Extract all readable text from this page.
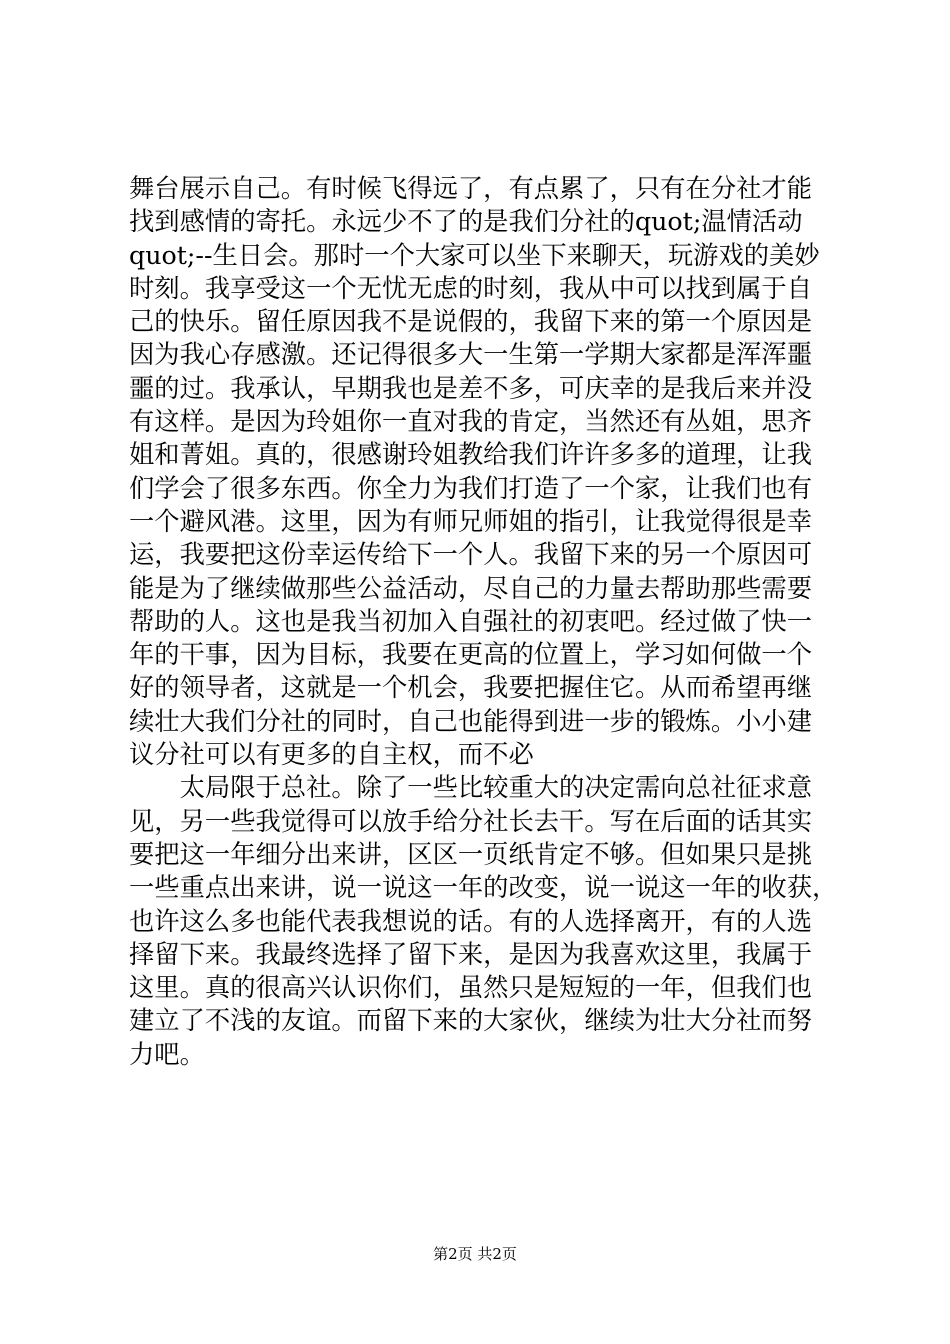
舞台展示自己。有时候飞得远了，有点累了，只有在分社才能
找到感情的寄托。永远少不了的是我们分社的quot;温情活动
quot;--生日会。那时一个大家可以坐下来聊天，玩游戏的美妙
时刻。我享受这一个无忧无虑的时刻，我从中可以找到属于自
己的快乐。留任原因我不是说假的，我留下来的第一个原因是
因为我心存感激。还记得很多大一生第一学期大家都是浑浑噩
噩的过。我承认，早期我也是差不多，可庆幸的是我后来并没
有这样。是因为玲姐你一直对我的肯定，当然还有丛姐，思齐
姐和菁姐。真的，很感谢玲姐教给我们许许多多的道理，让我
们学会了很多东西。你全力为我们打造了一个家，让我们也有
一个避风港。这里，因为有师兄师姐的指引，让我觉得很是幸
运，我要把这份幸运传给下一个人。我留下来的另一个原因可
能是为了继续做那些公益活动，尽自己的力量去帮助那些需要
帮助的人。这也是我当初加入自强社的初衷吧。经过做了快一
年的干事，因为目标，我要在更高的位置上，学习如何做一个
好的领导者，这就是一个机会，我要把握住它。从而希望再继
续壮大我们分社的同时，自己也能得到进一步的锻炼。小小建
议分社可以有更多的自主权，而不必
　　太局限于总社。除了一些比较重大的决定需向总社征求意
见，另一些我觉得可以放手给分社长去干。写在后面的话其实
要把这一年细分出来讲，区区一页纸肯定不够。但如果只是挑
一些重点出来讲，说一说这一年的改变，说一说这一年的收获，
也许这么多也能代表我想说的话。有的人选择离开，有的人选
择留下来。我最终选择了留下来，是因为我喜欢这里，我属于
这里。真的很高兴认识你们，虽然只是短短的一年，但我们也
建立了不浅的友谊。而留下来的大家伙，继续为壮大分社而努
力吧。
第2页 共2页
